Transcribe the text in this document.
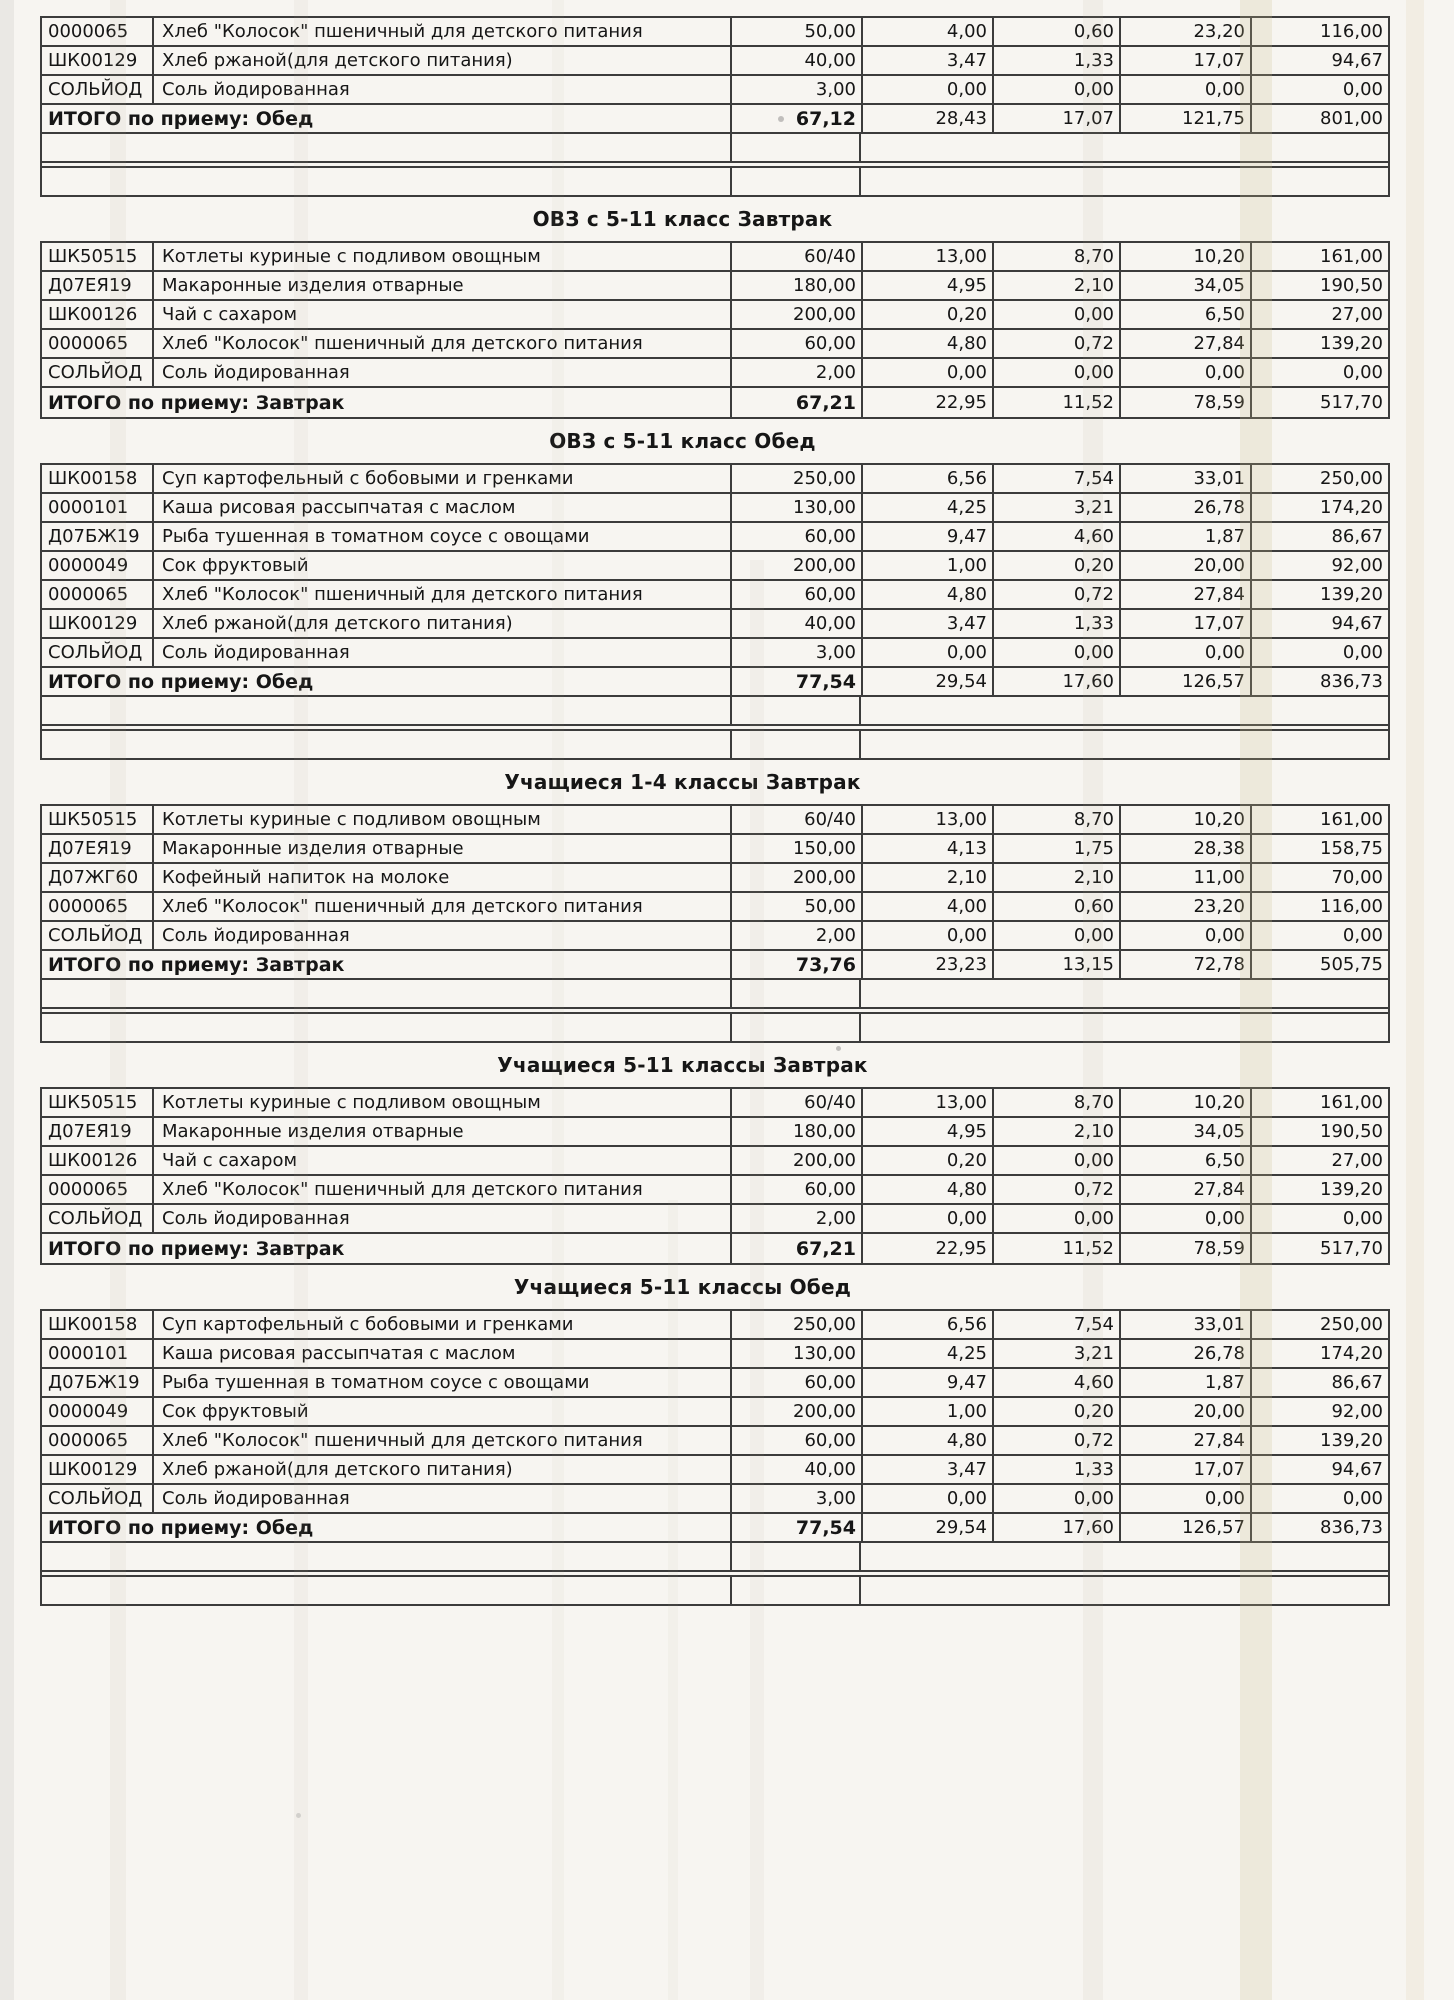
0000065	Хлеб "Колосок" пшеничный для детского питания	50,00	4,00	0,60	23,20	116,00
ШК00129	Хлеб ржаной(для детского питания)	40,00	3,47	1,33	17,07	94,67
СОЛЬЙОД	Соль йодированная	3,00	0,00	0,00	0,00	0,00
ИТОГО по приему: Обед	67,12	28,43	17,07	121,75	801,00
ОВЗ с 5-11 класс Завтрак
ШК50515	Котлеты куриные с подливом овощным	60/40	13,00	8,70	10,20	161,00
Д07ЕЯ19	Макаронные изделия отварные	180,00	4,95	2,10	34,05	190,50
ШК00126	Чай с сахаром	200,00	0,20	0,00	6,50	27,00
0000065	Хлеб "Колосок" пшеничный для детского питания	60,00	4,80	0,72	27,84	139,20
СОЛЬЙОД	Соль йодированная	2,00	0,00	0,00	0,00	0,00
ИТОГО по приему: Завтрак	67,21	22,95	11,52	78,59	517,70
ОВЗ с 5-11 класс Обед
ШК00158	Суп картофельный с бобовыми и гренками	250,00	6,56	7,54	33,01	250,00
0000101	Каша рисовая рассыпчатая с маслом	130,00	4,25	3,21	26,78	174,20
Д07БЖ19	Рыба тушенная в томатном соусе с овощами	60,00	9,47	4,60	1,87	86,67
0000049	Сок фруктовый	200,00	1,00	0,20	20,00	92,00
0000065	Хлеб "Колосок" пшеничный для детского питания	60,00	4,80	0,72	27,84	139,20
ШК00129	Хлеб ржаной(для детского питания)	40,00	3,47	1,33	17,07	94,67
СОЛЬЙОД	Соль йодированная	3,00	0,00	0,00	0,00	0,00
ИТОГО по приему: Обед	77,54	29,54	17,60	126,57	836,73
Учащиеся 1-4 классы Завтрак
ШК50515	Котлеты куриные с подливом овощным	60/40	13,00	8,70	10,20	161,00
Д07ЕЯ19	Макаронные изделия отварные	150,00	4,13	1,75	28,38	158,75
Д07ЖГ60	Кофейный напиток на молоке	200,00	2,10	2,10	11,00	70,00
0000065	Хлеб "Колосок" пшеничный для детского питания	50,00	4,00	0,60	23,20	116,00
СОЛЬЙОД	Соль йодированная	2,00	0,00	0,00	0,00	0,00
ИТОГО по приему: Завтрак	73,76	23,23	13,15	72,78	505,75
Учащиеся 5-11 классы Завтрак
ШК50515	Котлеты куриные с подливом овощным	60/40	13,00	8,70	10,20	161,00
Д07ЕЯ19	Макаронные изделия отварные	180,00	4,95	2,10	34,05	190,50
ШК00126	Чай с сахаром	200,00	0,20	0,00	6,50	27,00
0000065	Хлеб "Колосок" пшеничный для детского питания	60,00	4,80	0,72	27,84	139,20
СОЛЬЙОД	Соль йодированная	2,00	0,00	0,00	0,00	0,00
ИТОГО по приему: Завтрак	67,21	22,95	11,52	78,59	517,70
Учащиеся 5-11 классы Обед
ШК00158	Суп картофельный с бобовыми и гренками	250,00	6,56	7,54	33,01	250,00
0000101	Каша рисовая рассыпчатая с маслом	130,00	4,25	3,21	26,78	174,20
Д07БЖ19	Рыба тушенная в томатном соусе с овощами	60,00	9,47	4,60	1,87	86,67
0000049	Сок фруктовый	200,00	1,00	0,20	20,00	92,00
0000065	Хлеб "Колосок" пшеничный для детского питания	60,00	4,80	0,72	27,84	139,20
ШК00129	Хлеб ржаной(для детского питания)	40,00	3,47	1,33	17,07	94,67
СОЛЬЙОД	Соль йодированная	3,00	0,00	0,00	0,00	0,00
ИТОГО по приему: Обед	77,54	29,54	17,60	126,57	836,73
